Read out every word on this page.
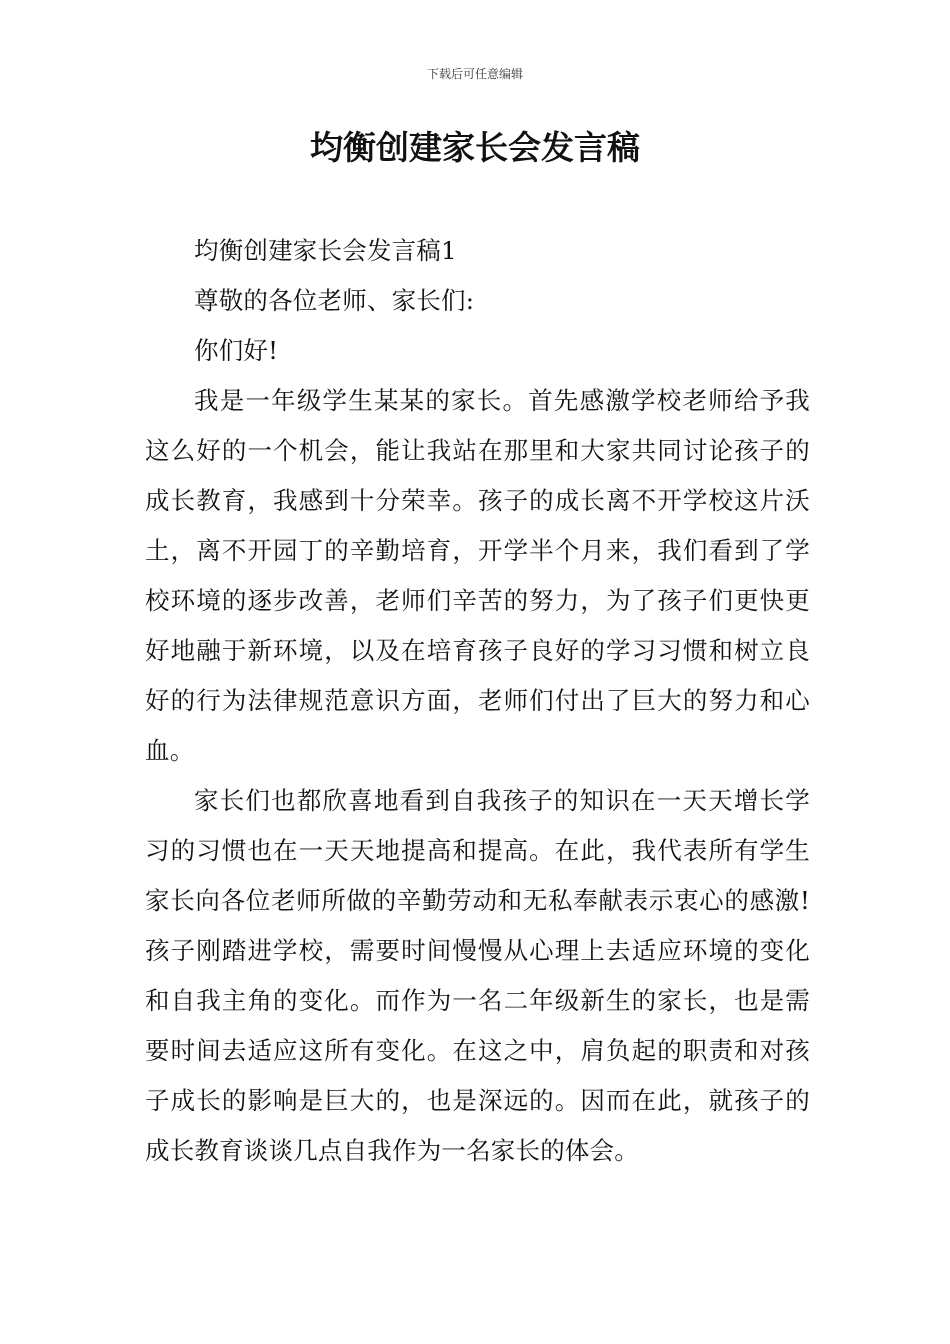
下载后可任意编辑
均衡创建家长会发言稿

均衡创建家长会发言稿1

尊敬的各位老师、家长们:

你们好!

我是一年级学生某某的家长。首先感激学校老师给予我这么好的一个机会，能让我站在那里和大家共同讨论孩子的成长教育，我感到十分荣幸。孩子的成长离不开学校这片沃土，离不开园丁的辛勤培育，开学半个月来，我们看到了学校环境的逐步改善，老师们辛苦的努力，为了孩子们更快更好地融于新环境，以及在培育孩子良好的学习习惯和树立良好的行为法律规范意识方面，老师们付出了巨大的努力和心血。

家长们也都欣喜地看到自我孩子的知识在一天天增长学习的习惯也在一天天地提高和提高。在此，我代表所有学生家长向各位老师所做的辛勤劳动和无私奉献表示衷心的感激!孩子刚踏进学校，需要时间慢慢从心理上去适应环境的变化和自我主角的变化。而作为一名二年级新生的家长，也是需要时间去适应这所有变化。在这之中，肩负起的职责和对孩子成长的影响是巨大的，也是深远的。因而在此，就孩子的成长教育谈谈几点自我作为一名家长的体会。
